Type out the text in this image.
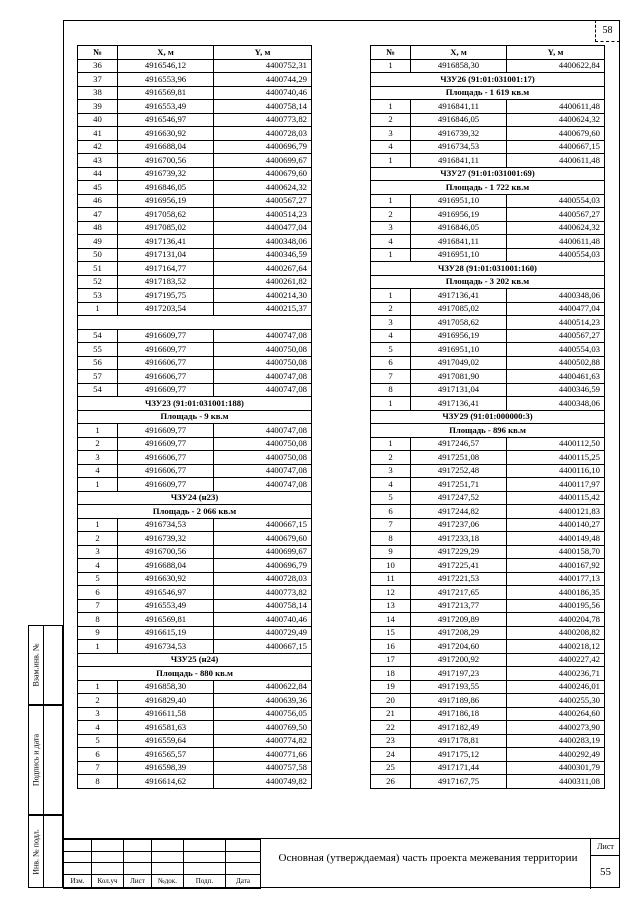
58
№	X, м	Y, м
36	4916546,12	4400752,31
37	4916553,96	4400744,29
38	4916569,81	4400740,46
39	4916553,49	4400758,14
40	4916546,97	4400773,82
41	4916630,92	4400728,03
42	4916688,04	4400696,79
43	4916700,56	4400699,67
44	4916739,32	4400679,60
45	4916846,05	4400624,32
46	4916956,19	4400567,27
47	4917058,62	4400514,23
48	4917085,02	4400477,04
49	4917136,41	4400348,06
50	4917131,04	4400346,59
51	4917164,77	4400267,64
52	4917183,52	4400261,82
53	4917195,75	4400214,30
1	4917203,54	4400215,37

54	4916609,77	4400747,08
55	4916609,77	4400750,08
56	4916606,77	4400750,08
57	4916606,77	4400747,08
54	4916609,77	4400747,08
ЧЗУ23 (91:01:031001:188)		
Площадь - 9 кв.м		
1	4916609,77	4400747,08
2	4916609,77	4400750,08
3	4916606,77	4400750,08
4	4916606,77	4400747,08
1	4916609,77	4400747,08
ЧЗУ24 (н23)		
Площадь - 2 066 кв.м		
1	4916734,53	4400667,15
2	4916739,32	4400679,60
3	4916700,56	4400699,67
4	4916688,04	4400696,79
5	4916630,92	4400728,03
6	4916546,97	4400773,82
7	4916553,49	4400758,14
8	4916569,81	4400740,46
9	4916615,19	4400729,49
1	4916734,53	4400667,15
ЧЗУ25 (н24)		
Площадь - 880 кв.м		
1	4916858,30	4400622,84
2	4916829,40	4400639,36
3	4916611,58	4400756,05
4	4916581,63	4400769,50
5	4916559,64	4400774,82
6	4916565,57	4400771,66
7	4916598,39	4400757,58
8	4916614,62	4400749,82
№	X, м	Y, м
1	4916858,30	4400622,84
ЧЗУ26 (91:01:031001:17)		
Площадь - 1 619 кв.м		
1	4916841,11	4400611,48
2	4916846,05	4400624,32
3	4916739,32	4400679,60
4	4916734,53	4400667,15
1	4916841,11	4400611,48
ЧЗУ27 (91:01:031001:69)		
Площадь - 1 722 кв.м		
1	4916951,10	4400554,03
2	4916956,19	4400567,27
3	4916846,05	4400624,32
4	4916841,11	4400611,48
1	4916951,10	4400554,03
ЧЗУ28 (91:01:031001:160)		
Площадь - 3 202 кв.м		
1	4917136,41	4400348,06
2	4917085,02	4400477,04
3	4917058,62	4400514,23
4	4916956,19	4400567,27
5	4916951,10	4400554,03
6	4917049,02	4400502,88
7	4917081,90	4400461,63
8	4917131,04	4400346,59
1	4917136,41	4400348,06
ЧЗУ29 (91:01:000000:3)		
Площадь - 896 кв.м		
1	4917246,57	4400112,50
2	4917251,08	4400115,25
3	4917252,48	4400116,10
4	4917251,71	4400117,97
5	4917247,52	4400115,42
6	4917244,82	4400121,83
7	4917237,06	4400140,27
8	4917233,18	4400149,48
9	4917229,29	4400158,70
10	4917225,41	4400167,92
11	4917221,53	4400177,13
12	4917217,65	4400186,35
13	4917213,77	4400195,56
14	4917209,89	4400204,78
15	4917208,29	4400208,82
16	4917204,60	4400218,12
17	4917200,92	4400227,42
18	4917197,23	4400236,71
19	4917193,55	4400246,01
20	4917189,86	4400255,30
21	4917186,18	4400264,60
22	4917182,49	4400273,90
23	4917178,81	4400283,19
24	4917175,12	4400292,49
25	4917171,44	4400301,79
26	4917167,75	4400311,08
Взам.инв. №
Подпись и дата
Инв. № подл.

Изм.	Кол.уч	Лист	№док.	Подп.	Дата
Основная (утверждаемая) часть проекта межевания территории
Лист
55
